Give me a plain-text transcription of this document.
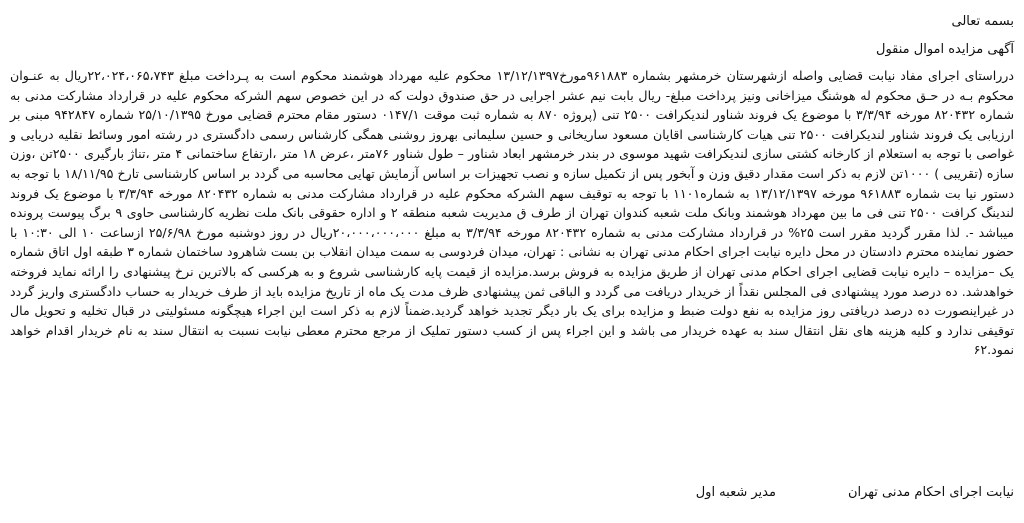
بسمه تعالی
آگهی مزایده اموال منقول

درراستای اجرای مفاد نیابت قضایی واصله ازشهرستان خرمشهر بشماره ۹۶۱۸۸۳مورخ۱۳/۱۲/۱۳۹۷ محکوم علیه مهرداد هوشمند محکوم است به پـرداخت مبلغ ۲۲،۰۲۴،۰۶۵،۷۴۳ریال به عنـوان محکوم بـه در حـق محکوم له هوشنگ میزاخانی ونیز پرداخت مبلغ- ریال بابت نیم عشر اجرایی در حق صندوق دولت که در این خصوص سهم الشرکه محکوم علیه در قرارداد مشارکت مدنی به شماره ۸۲۰۴۳۲ مورخه ۳/۳/۹۴ با موضوع یک فروند شناور لندیکرافت ۲۵۰۰ تنی (پروژه ۸۷۰ به شماره ثبت موقت ۰۱۴۷/۱ دستور مقام محترم قضایی مورخ ۲۵/۱۰/۱۳۹۵ شماره ۹۴۲۸۴۷ مبنی بر ارزیابی یک فروند شناور لندیکرافت ۲۵۰۰ تنی هیات کارشناسی اقایان مسعود ساریخانی و حسین سلیمانی بهروز روشنی همگی کارشناس رسمی دادگستری در رشته امور وسائط نقلیه دریایی و غواصی با توجه به استعلام از کارخانه کشتی سازی لندیکرافت شهید موسوی در بندر خرمشهر ابعاد شناور – طول شناور ۷۶متر ،عرض ۱۸ متر ،ارتفاع ساختمانی ۴ متر ،تناژ بارگیری ۲۵۰۰تن ،وزن سازه (تقریبی ) ۱۰۰۰تن لازم به ذکر است مقدار دقیق وزن و آبخور پس از تکمیل سازه و نصب تجهیزات بر اساس آزمایش تهایی محاسبه می گردد بر اساس کارشناسی تارخ ۱۸/۱۱/۹۵ با توجه به دستور نیا بت شماره ۹۶۱۸۸۳ مورخه ۱۳/۱۲/۱۳۹۷ به شماره۱۱۰۱ با توجه به توقیف سهم الشرکه محکوم علیه در قرارداد مشارکت مدنی به شماره ۸۲۰۴۳۲ مورخه ۳/۳/۹۴ با موضوع یک فروند لندینگ کرافت ۲۵۰۰ تنی فی ما بین مهرداد هوشمند وبانک ملت شعبه کندوان تهران از طرف ق مدیریت شعبه منطقه ۲ و اداره حقوقی بانک ملت نظریه کارشناسی حاوی ۹ برگ پیوست پرونده میباشد -. لذا مقرر گردید مقرر است ۲۵% در قرارداد مشارکت مدنی به شماره ۸۲۰۴۳۲ مورخه ۳/۳/۹۴ به مبلغ ۲۰،۰۰۰،۰۰۰،۰۰۰ریال در روز دوشنبه مورخ ۲۵/۶/۹۸ ازساعت ۱۰ الی ۱۰:۳۰ با حضور نماینده محترم دادستان در محل دایره نیابت اجرای احکام مدنی تهران به نشانی : تهران، میدان فردوسی به سمت میدان انقلاب بن بست شاهرود ساختمان شماره ۳ طبقه اول اتاق شماره یک –مزایده – دایره نیابت قضایی اجرای احکام مدنی تهران از طریق مزایده به فروش برسد.مزایده از قیمت پایه کارشناسی شروع و به هرکسی که بالاترین نرخ پیشنهادی را ارائه نماید فروخته خواهدشد. ده درصد مورد پیشنهادی فی المجلس نقداً از خریدار دریافت می گردد و الباقی ثمن پیشنهادی ظرف مدت یک ماه از تاریخ مزایده باید از طرف خریدار به حساب دادگستری واریز گردد در غیراینصورت ده درصد دریافتی روز مزایده به نفع دولت ضبط و مزایده برای یک بار دیگر تجدید خواهد گردید.ضمناً لازم به ذکر است این اجراء هیچگونه مسئولیتی در قبال تخلیه و تحویل مال توقیفی ندارد و کلیه هزینه های نقل انتقال سند به عهده خریدار می باشد و این اجراء پس از کسب دستور تملیک از مرجع محترم معطی نیابت نسبت به انتقال سند به نام خریدار اقدام خواهد نمود.۶۲

نیابت اجرای احکام مدنی تهران
مدیر شعبه اول
